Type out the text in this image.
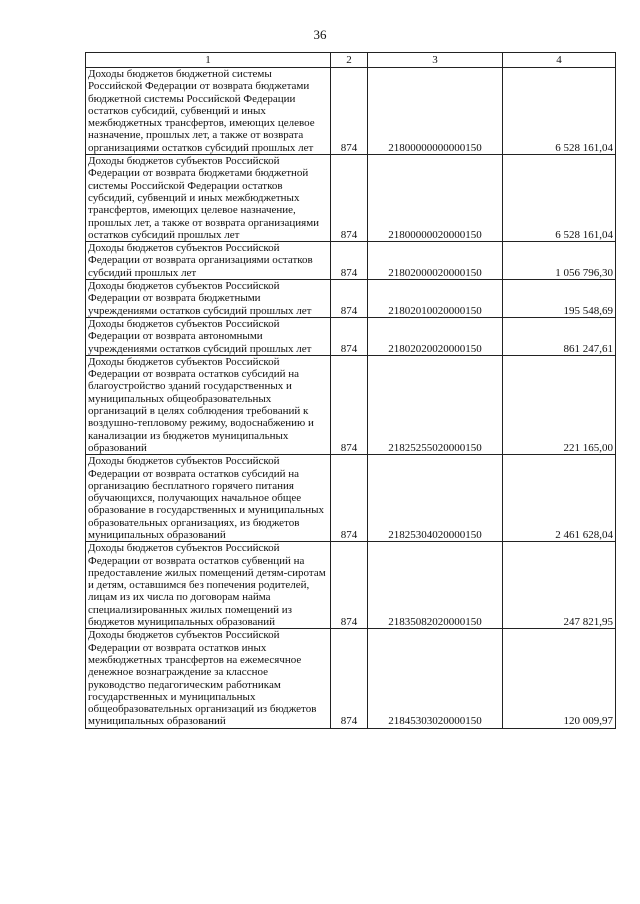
36
1	2	3	4
Доходы бюджетов бюджетной системы Российской Федерации от возврата бюджетами бюджетной системы Российской Федерации остатков субсидий, субвенций и иных межбюджетных трансфертов, имеющих целевое назначение, прошлых лет, а также от возврата организациями остатков субсидий прошлых лет	874	21800000000000150	6 528 161,04
Доходы бюджетов субъектов Российской Федерации от возврата бюджетами бюджетной системы Российской Федерации остатков субсидий, субвенций и иных межбюджетных трансфертов, имеющих целевое назначение, прошлых лет, а также от возврата организациями остатков субсидий прошлых лет	874	21800000020000150	6 528 161,04
Доходы бюджетов субъектов Российской Федерации от возврата организациями остатков субсидий прошлых лет	874	21802000020000150	1 056 796,30
Доходы бюджетов субъектов Российской Федерации от возврата бюджетными учреждениями остатков субсидий прошлых лет	874	21802010020000150	195 548,69
Доходы бюджетов субъектов Российской Федерации от возврата автономными учреждениями остатков субсидий прошлых лет	874	21802020020000150	861 247,61
Доходы бюджетов субъектов Российской Федерации от возврата остатков субсидий на благоустройство зданий государственных и муниципальных общеобразовательных организаций в целях соблюдения требований к воздушно-тепловому режиму, водоснабжению и канализации из бюджетов муниципальных образований	874	21825255020000150	221 165,00
Доходы бюджетов субъектов Российской Федерации от возврата остатков субсидий на организацию бесплатного горячего питания обучающихся, получающих начальное общее образование в государственных и муниципальных образовательных организациях, из бюджетов муниципальных образований	874	21825304020000150	2 461 628,04
Доходы бюджетов субъектов Российской Федерации от возврата остатков субвенций на предоставление жилых помещений детям-сиротам и детям, оставшимся без попечения родителей, лицам из их числа по договорам найма специализированных жилых помещений из бюджетов муниципальных образований	874	21835082020000150	247 821,95
Доходы бюджетов субъектов Российской Федерации от возврата остатков иных межбюджетных трансфертов на ежемесячное денежное вознаграждение за классное руководство педагогическим работникам государственных и муниципальных общеобразовательных организаций из бюджетов муниципальных образований	874	21845303020000150	120 009,97
